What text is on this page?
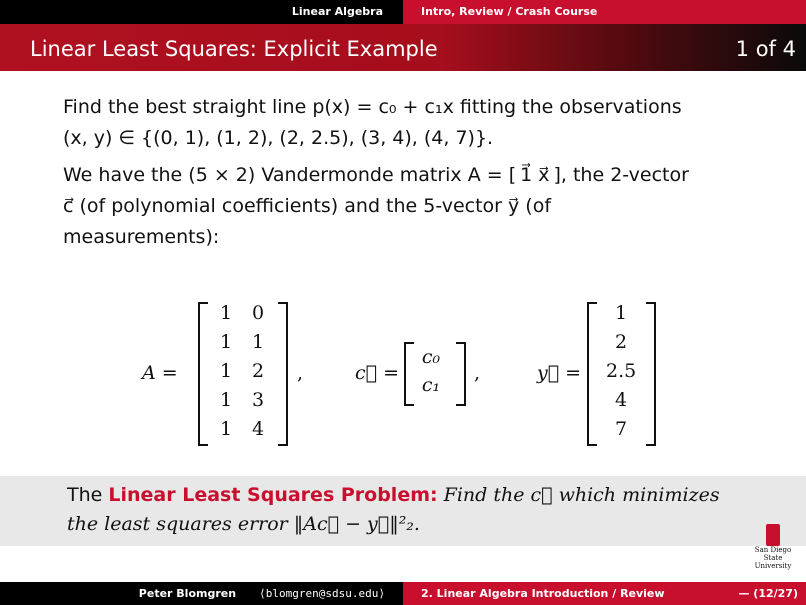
Linear Algebra	Intro, Review / Crash Course
Linear Least Squares: Explicit Example	1 of 4
Find the best straight line p(x) = c₀ + c₁x fitting the observations
(x, y) ∈ {(0, 1), (1, 2), (2, 2.5), (3, 4), (4, 7)}.
We have the (5 × 2) Vandermonde matrix A = [ 1⃗ x⃗ ], the 2-vector
c⃗ (of polynomial coefficients) and the 5-vector y⃗ (of
measurements):
A =
1	0
1	1
1	2
1	3
1	4
,	c⃗ =
c₀
c₁
,	y⃗ =
1
2
2.5
4
7
The Linear Least Squares Problem: Find the c⃗ which minimizes
the least squares error ‖Ac⃗ − y⃗‖²₂.
San Diego State
University
Peter Blomgren ⟨blomgren@sdsu.edu⟩	2. Linear Algebra Introduction / Review	— (12/27)
